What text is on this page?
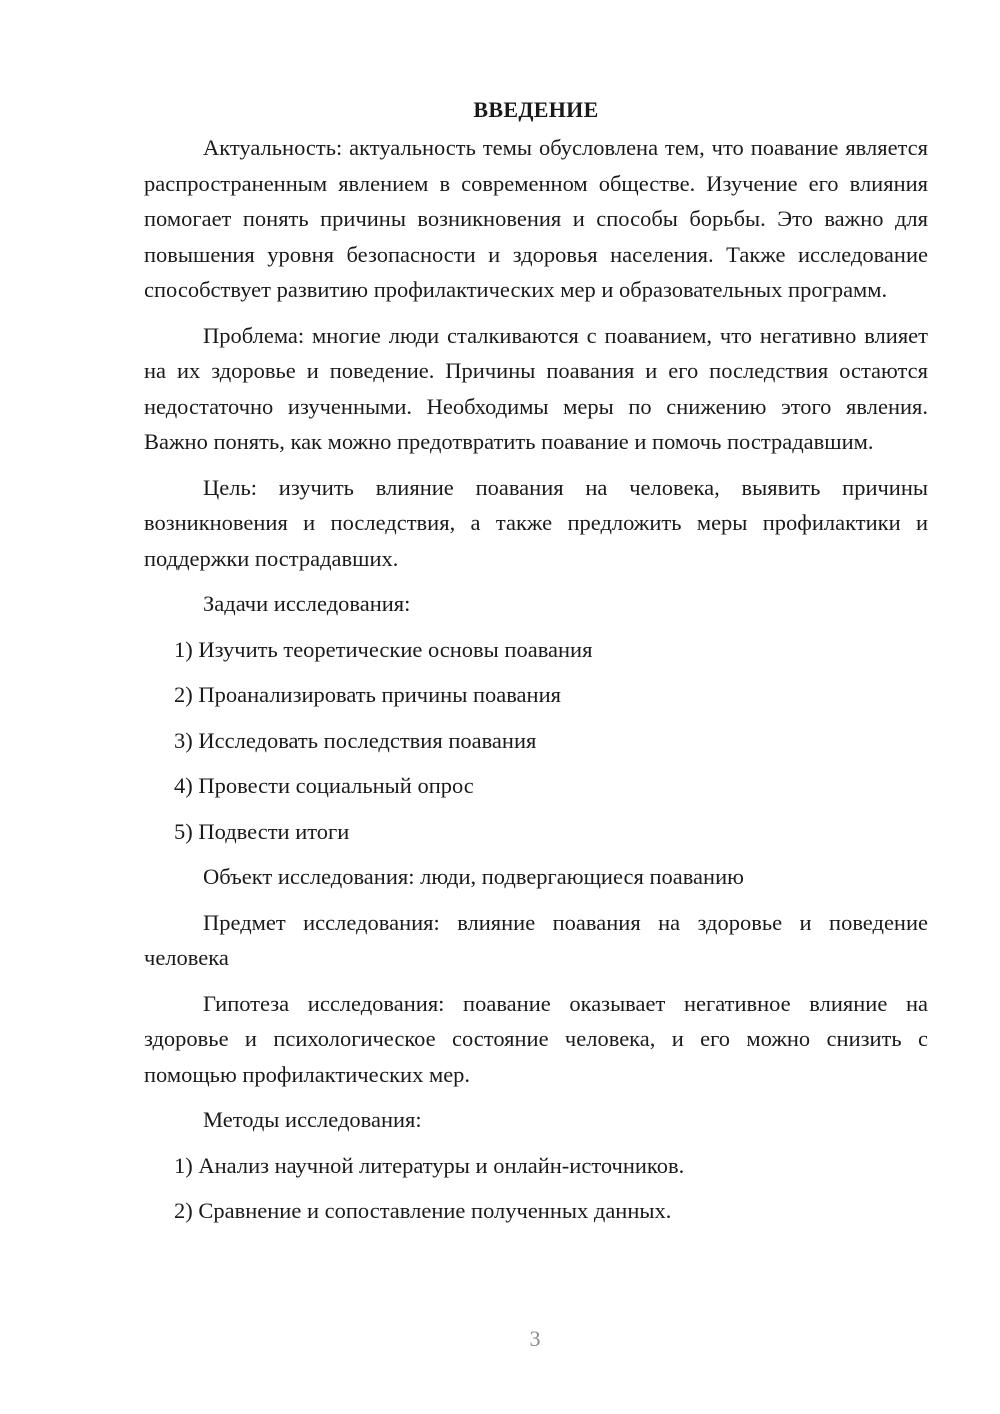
ВВЕДЕНИЕ

Актуальность: актуальность темы обусловлена тем, что поавание является распространенным явлением в современном обществе. Изучение его влияния помогает понять причины возникновения и способы борьбы. Это важно для повышения уровня безопасности и здоровья населения. Также исследование способствует развитию профилактических мер и образовательных программ.

Проблема: многие люди сталкиваются с поаванием, что негативно влияет на их здоровье и поведение. Причины поавания и его последствия остаются недостаточно изученными. Необходимы меры по снижению этого явления. Важно понять, как можно предотвратить поавание и помочь пострадавшим.

Цель: изучить влияние поавания на человека, выявить причины возникновения и последствия, а также предложить меры профилактики и поддержки пострадавших.

Задачи исследования:

1) Изучить теоретические основы поавания
2) Проанализировать причины поавания
3) Исследовать последствия поавания
4) Провести социальный опрос
5) Подвести итоги

Объект исследования: люди, подвергающиеся поаванию

Предмет исследования: влияние поавания на здоровье и поведение человека

Гипотеза исследования: поавание оказывает негативное влияние на здоровье и психологическое состояние человека, и его можно снизить с помощью профилактических мер.

Методы исследования:

1) Анализ научной литературы и онлайн-источников.
2) Сравнение и сопоставление полученных данных.
3
